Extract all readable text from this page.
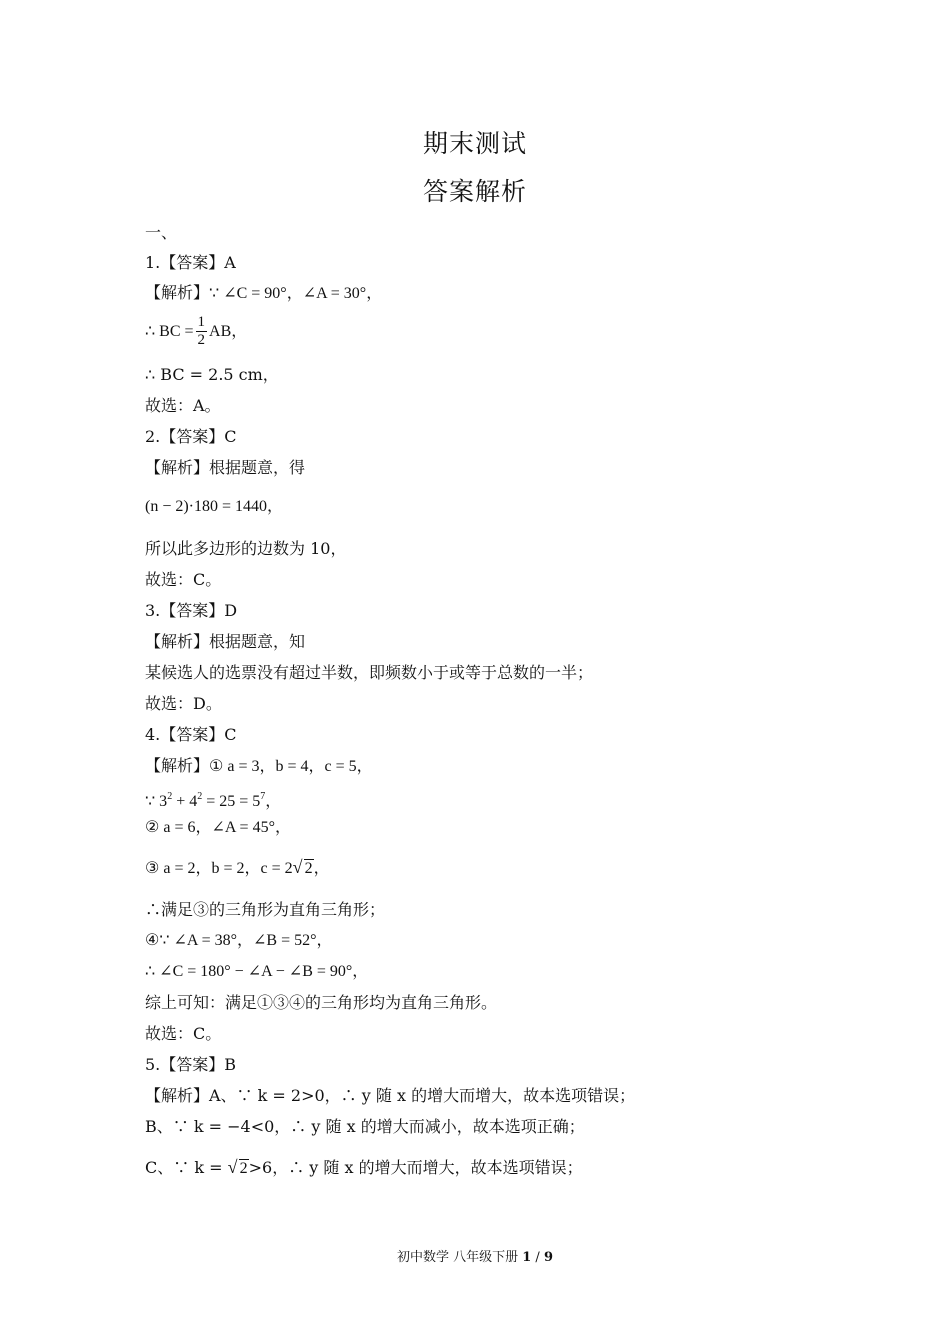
期末测试
答案解析
一、
1.【答案】A
【解析】∵ ∠C = 90°，∠A = 30°，
∴ BC = $\frac{1}{2}$ AB，
∴ BC = 2.5 cm，
故选：A。
2.【答案】C
【解析】根据题意，得
(n − 2)·180 = 1440，
所以此多边形的边数为 10，
故选：C。
3.【答案】D
【解析】根据题意，知
某候选人的选票没有超过半数，即频数小于或等于总数的一半；
故选：D。
4.【答案】C
【解析】① a = 3，b = 4，c = 5，
∵ $3^2 + 4^2 = 25 = 5^7$，
② a = 6，∠A = 45°，
③ a = 2，b = 2，c = 2√ 2，
∴满足③的三角形为直角三角形；
④∵ ∠A = 38°，∠B = 52°，
∴ ∠C = 180° − ∠A − ∠B = 90°，
综上可知：满足①③④的三角形均为直角三角形。
故选：C。
5.【答案】B
【解析】A、∵ k = 2>0，∴ y 随 x 的增大而增大，故本选项错误；
B、∵ k = −4<0，∴ y 随 x 的增大而减小，故本选项正确；
C、∵ k = √ 2>6，∴ y 随 x 的增大而增大，故本选项错误；
初中数学 八年级下册 1 / 9
